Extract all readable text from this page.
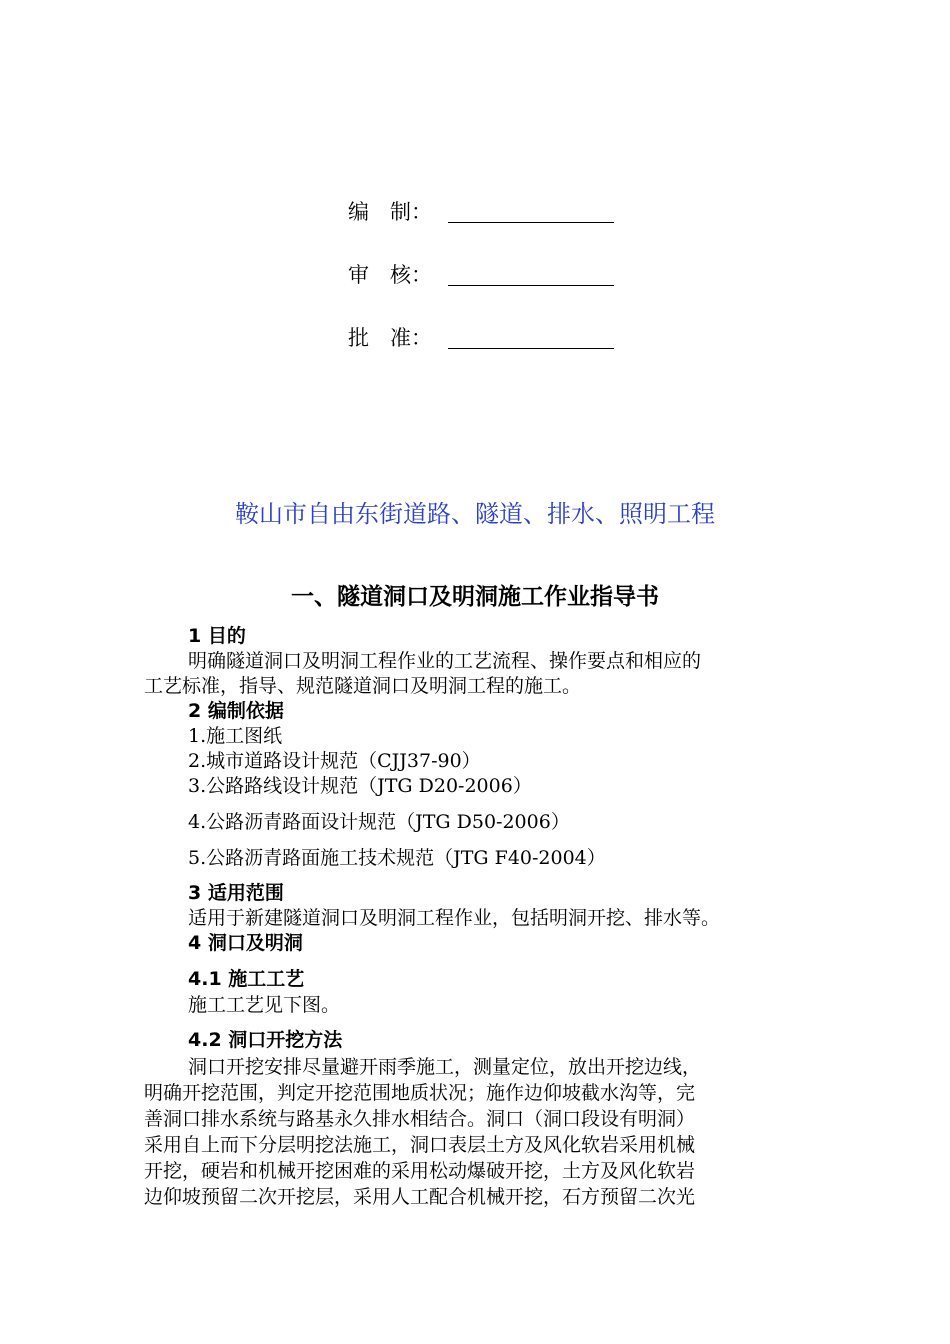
编　制：
审　核：
批　准：
鞍山市自由东街道路、隧道、排水、照明工程
一、隧道洞口及明洞施工作业指导书
1 目的
明确隧道洞口及明洞工程作业的工艺流程、操作要点和相应的
工艺标准，指导、规范隧道洞口及明洞工程的施工。
2 编制依据
1.施工图纸
2.城市道路设计规范（CJJ37-90）
3.公路路线设计规范（JTG D20-2006）
4.公路沥青路面设计规范（JTG D50-2006）
5.公路沥青路面施工技术规范（JTG F40-2004）
3 适用范围
适用于新建隧道洞口及明洞工程作业，包括明洞开挖、排水等。
4 洞口及明洞
4.1 施工工艺
施工工艺见下图。
4.2 洞口开挖方法
洞口开挖安排尽量避开雨季施工，测量定位，放出开挖边线，
明确开挖范围，判定开挖范围地质状况；施作边仰坡截水沟等，完
善洞口排水系统与路基永久排水相结合。洞口（洞口段设有明洞）
采用自上而下分层明挖法施工，洞口表层土方及风化软岩采用机械
开挖，硬岩和机械开挖困难的采用松动爆破开挖，土方及风化软岩
边仰坡预留二次开挖层，采用人工配合机械开挖，石方预留二次光
